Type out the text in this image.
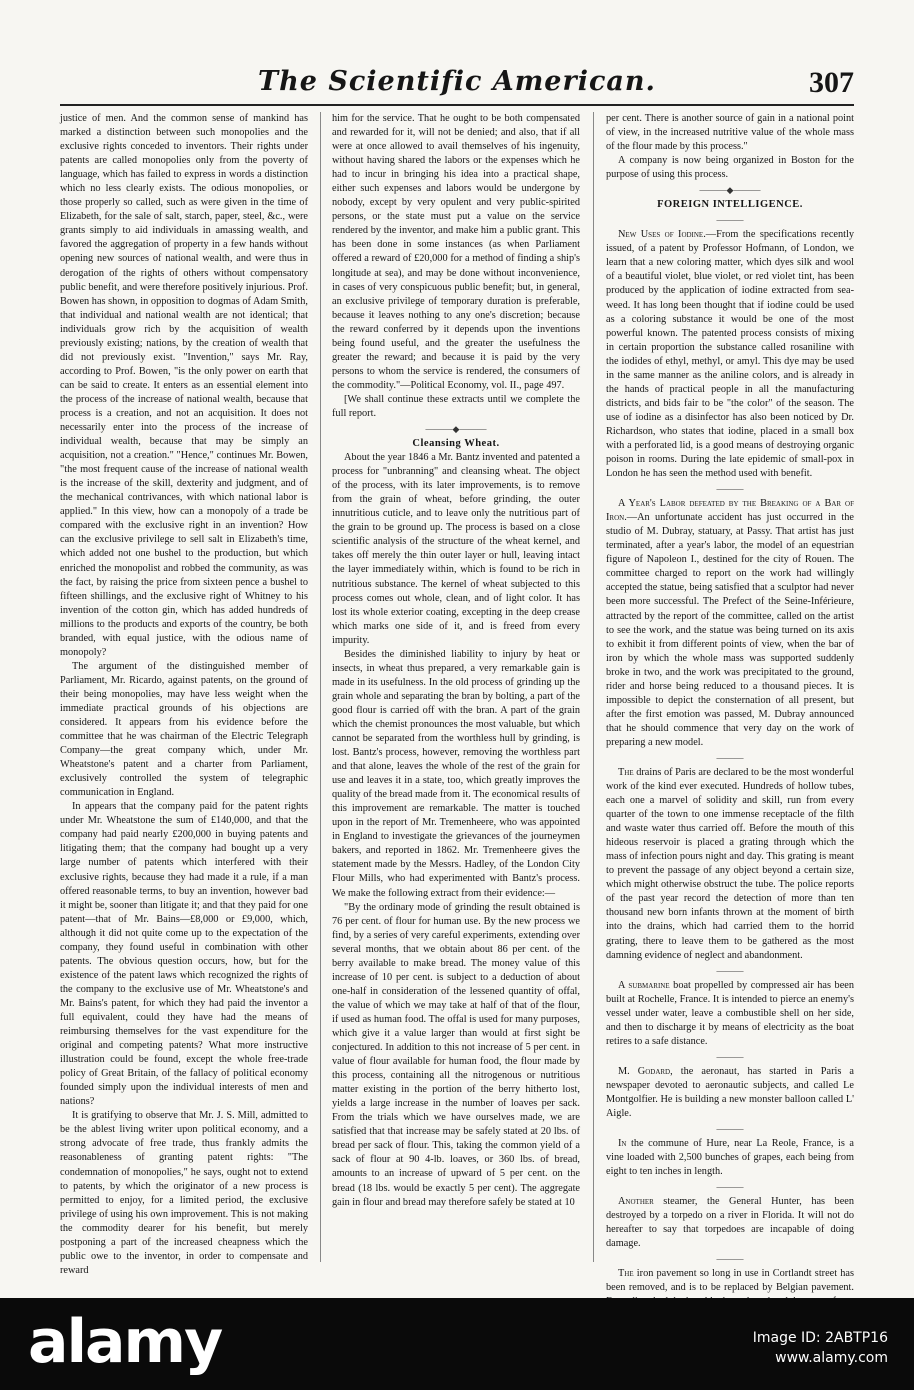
The Scientific American.	307

justice of men. And the common sense of mankind has marked a distinction between such monopolies and the exclusive rights conceded to inventors. Their rights under patents are called monopolies only from the poverty of language, which has failed to express in words a distinction which no less clearly exists. The odious monopolies, or those properly so called, such as were given in the time of Elizabeth, for the sale of salt, starch, paper, steel, &c., were grants simply to aid individuals in amassing wealth, and favored the aggregation of property in a few hands without opening new sources of national wealth, and were thus in derogation of the rights of others without compensatory public benefit, and were therefore positively injurious. Prof. Bowen has shown, in opposition to dogmas of Adam Smith, that individual and national wealth are not identical; that individuals grow rich by the acquisition of wealth previously existing; nations, by the creation of wealth that did not previously exist. "Invention," says Mr. Ray, according to Prof. Bowen, "is the only power on earth that can be said to create. It enters as an essential element into the process of the increase of national wealth, because that process is a creation, and not an acquisition. It does not necessarily enter into the process of the increase of individual wealth, because that may be simply an acquisition, not a creation." "Hence," continues Mr. Bowen, "the most frequent cause of the increase of national wealth is the increase of the skill, dexterity and judgment, and of the mechanical contrivances, with which national labor is applied." In this view, how can a monopoly of a trade be compared with the exclusive right in an invention? How can the exclusive privilege to sell salt in Elizabeth's time, which added not one bushel to the production, but which enriched the monopolist and robbed the community, as was the fact, by raising the price from sixteen pence a bushel to fifteen shillings, and the exclusive right of Whitney to his invention of the cotton gin, which has added hundreds of millions to the products and exports of the country, be both branded, with equal justice, with the odious name of monopoly?

The argument of the distinguished member of Parliament, Mr. Ricardo, against patents, on the ground of their being monopolies, may have less weight when the immediate practical grounds of his objections are considered. It appears from his evidence before the committee that he was chairman of the Electric Telegraph Company—the great company which, under Mr. Wheatstone's patent and a charter from Parliament, exclusively controlled the system of telegraphic communication in England.

In appears that the company paid for the patent rights under Mr. Wheatstone the sum of £140,000, and that the company had paid nearly £200,000 in buying patents and litigating them; that the company had bought up a very large number of patents which interfered with their exclusive rights, because they had made it a rule, if a man offered reasonable terms, to buy an invention, however bad it might be, sooner than litigate it; and that they paid for one patent—that of Mr. Bains—£8,000 or £9,000, which, although it did not quite come up to the expectation of the company, they found useful in combination with other patents. The obvious question occurs, how, but for the existence of the patent laws which recognized the rights of the company to the exclusive use of Mr. Wheatstone's and Mr. Bains's patent, for which they had paid the inventor a full equivalent, could they have had the means of reimbursing themselves for the vast expenditure for the original and competing patents? What more instructive illustration could be found, except the whole free-trade policy of Great Britain, of the fallacy of political economy founded simply upon the individual interests of men and nations?

It is gratifying to observe that Mr. J. S. Mill, admitted to be the ablest living writer upon political economy, and a strong advocate of free trade, thus frankly admits the reasonableness of granting patent rights: "The condemnation of monopolies," he says, ought not to extend to patents, by which the originator of a new process is permitted to enjoy, for a limited period, the exclusive privilege of using his own improvement. This is not making the commodity dearer for his benefit, but merely postponing a part of the increased cheapness which the public owe to the inventor, in order to compensate and reward

him for the service. That he ought to be both compensated and rewarded for it, will not be denied; and also, that if all were at once allowed to avail themselves of his ingenuity, without having shared the labors or the expenses which he had to incur in bringing his idea into a practical shape, either such expenses and labors would be undergone by nobody, except by very opulent and very public-spirited persons, or the state must put a value on the service rendered by the inventor, and make him a public grant. This has been done in some instances (as when Parliament offered a reward of £20,000 for a method of finding a ship's longitude at sea), and may be done without inconvenience, in cases of very conspicuous public benefit; but, in general, an exclusive privilege of temporary duration is preferable, because it leaves nothing to any one's discretion; because the reward conferred by it depends upon the inventions being found useful, and the greater the usefulness the greater the reward; and because it is paid by the very persons to whom the service is rendered, the consumers of the commodity."—Political Economy, vol. II., page 497.

[We shall continue these extracts until we complete the full report.

———◆———

Cleansing Wheat.

About the year 1846 a Mr. Bantz invented and patented a process for "unbranning" and cleansing wheat. The object of the process, with its later improvements, is to remove from the grain of wheat, before grinding, the outer innutritious cuticle, and to leave only the nutritious part of the grain to be ground up. The process is based on a close scientific analysis of the structure of the wheat kernel, and takes off merely the thin outer layer or hull, leaving intact the layer immediately within, which is found to be rich in nutritious substance. The kernel of wheat subjected to this process comes out whole, clean, and of light color. It has lost its whole exterior coating, excepting in the deep crease which marks one side of it, and is freed from every impurity.

Besides the diminished liability to injury by heat or insects, in wheat thus prepared, a very remarkable gain is made in its usefulness. In the old process of grinding up the grain whole and separating the bran by bolting, a part of the good flour is carried off with the bran. A part of the grain which the chemist pronounces the most valuable, but which cannot be separated from the worthless hull by grinding, is lost. Bantz's process, however, removing the worthless part and that alone, leaves the whole of the rest of the grain for use and leaves it in a state, too, which greatly improves the quality of the bread made from it. The economical results of this improvement are remarkable. The matter is touched upon in the report of Mr. Tremenheere, who was appointed in England to investigate the grievances of the journeymen bakers, and reported in 1862. Mr. Tremenheere gives the statement made by the Messrs. Hadley, of the London City Flour Mills, who had experimented with Bantz's process. We make the following extract from their evidence:—

"By the ordinary mode of grinding the result obtained is 76 per cent. of flour for human use. By the new process we find, by a series of very careful experiments, extending over several months, that we obtain about 86 per cent. of the berry available to make bread. The money value of this increase of 10 per cent. is subject to a deduction of about one-half in consideration of the lessened quantity of offal, the value of which we may take at half of that of the flour, if used as human food. The offal is used for many purposes, which give it a value larger than would at first sight be conjectured. In addition to this not increase of 5 per cent. in value of flour available for human food, the flour made by this process, containing all the nitrogenous or nutritious matter existing in the portion of the berry hitherto lost, yields a large increase in the number of loaves per sack. From the trials which we have ourselves made, we are satisfied that that increase may be safely stated at 20 lbs. of bread per sack of flour. This, taking the common yield of a sack of flour at 90 4-lb. loaves, or 360 lbs. of bread, amounts to an increase of upward of 5 per cent. on the bread (18 lbs. would be exactly 5 per cent). The aggregate gain in flour and bread may therefore safely be stated at 10

per cent. There is another source of gain in a national point of view, in the increased nutritive value of the whole mass of the flour made by this process."

A company is now being organized in Boston for the purpose of using this process.

———◆———

FOREIGN INTELLIGENCE.

———

New Uses of Iodine.—From the specifications recently issued, of a patent by Professor Hofmann, of London, we learn that a new coloring matter, which dyes silk and wool of a beautiful violet, blue violet, or red violet tint, has been produced by the application of iodine extracted from sea-weed. It has long been thought that if iodine could be used as a coloring substance it would be one of the most powerful known. The patented process consists of mixing in certain proportion the substance called rosaniline with the iodides of ethyl, methyl, or amyl. This dye may be used in the same manner as the aniline colors, and is already in the hands of practical people in all the manufacturing districts, and bids fair to be "the color" of the season. The use of iodine as a disinfector has also been noticed by Dr. Richardson, who states that iodine, placed in a small box with a perforated lid, is a good means of destroying organic poison in rooms. During the late epidemic of small-pox in London he has seen the method used with benefit.

———

A Year's Labor defeated by the Breaking of a Bar of Iron.—An unfortunate accident has just occurred in the studio of M. Dubray, statuary, at Passy. That artist has just terminated, after a year's labor, the model of an equestrian figure of Napoleon I., destined for the city of Rouen. The committee charged to report on the work had willingly accepted the statue, being satisfied that a sculptor had never been more successful. The Prefect of the Seine-Inférieure, attracted by the report of the committee, called on the artist to see the work, and the statue was being turned on its axis to exhibit it from different points of view, when the bar of iron by which the whole mass was supported suddenly broke in two, and the work was precipitated to the ground, rider and horse being reduced to a thousand pieces. It is impossible to depict the consternation of all present, but after the first emotion was passed, M. Dubray announced that he should commence that very day on the work of preparing a new model.

———

The drains of Paris are declared to be the most wonderful work of the kind ever executed. Hundreds of hollow tubes, each one a marvel of solidity and skill, run from every quarter of the town to one immense receptacle of the filth and waste water thus carried off. Before the mouth of this hideous reservoir is placed a grating through which the mass of infection pours night and day. This grating is meant to prevent the passage of any object beyond a certain size, which might otherwise obstruct the tube. The police reports of the past year record the detection of more than ten thousand new born infants thrown at the moment of birth into the drains, which had carried them to the horrid grating, there to leave them to be gathered as the most damning evidence of neglect and abandonment.

———

A submarine boat propelled by compressed air has been built at Rochelle, France. It is intended to pierce an enemy's vessel under water, leave a combustible shell on her side, and then to discharge it by means of electricity as the boat retires to a safe distance.

———

M. Godard, the aeronaut, has started in Paris a newspaper devoted to aeronautic subjects, and called Le Montgolfier. He is building a new monster balloon called L' Aigle.

———

In the commune of Hure, near La Reole, France, is a vine loaded with 2,500 bunches of grapes, each being from eight to ten inches in length.

———

Another steamer, the General Hunter, has been destroyed by a torpedo on a river in Florida. It will not do hereafter to say that torpedoes are incapable of doing damage.

———

The iron pavement so long in use in Cortlandt street has been removed, and is to be replaced by Belgian pavement.

alamy	Image ID: 2ABTP16
www.alamy.com
